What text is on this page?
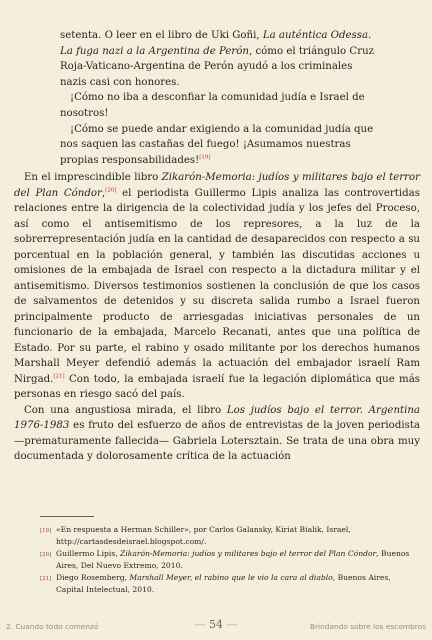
setenta. O leer en el libro de Uki Goñi, La auténtica Odessa.

La fuga nazi a la Argentina de Perón, cómo el triángulo Cruz

Roja-Vaticano-Argentina de Perón ayudó a los criminales

nazis casi con honores.

¡Cómo no iba a desconfiar la comunidad judía e Israel de

nosotros!

¡Cómo se puede andar exigiendo a la comunidad judía que

nos saquen las castañas del fuego! ¡Asumamos nuestras

propias responsabilidades![19]

En el imprescindible libro Zikarón-Memoria: judíos y militares bajo el terror del Plan Cóndor,[20] el periodista Guillermo Lipis analiza las controvertidas relaciones entre la dirigencia de la colectividad judía y los jefes del Proceso, así como el antisemitismo de los represores, a la luz de la sobrerrepresentación judía en la cantidad de desaparecidos con respecto a su porcentual en la población general, y también las discutidas acciones u omisiones de la embajada de Israel con respecto a la dictadura militar y el antisemitismo. Diversos testimonios sostienen la conclusión de que los casos de salvamentos de detenidos y su discreta salida rumbo a Israel fueron principalmente producto de arriesgadas iniciativas personales de un funcionario de la embajada, Marcelo Recanati, antes que una política de Estado. Por su parte, el rabino y osado militante por los derechos humanos Marshall Meyer defendió además la actuación del embajador israelí Ram Nirgad.[21] Con todo, la embajada israelí fue la legación diplomática que más personas en riesgo sacó del país.

Con una angustiosa mirada, el libro Los judíos bajo el terror. Argentina 1976-1983 es fruto del esfuerzo de años de entrevistas de la joven periodista —prematuramente fallecida— Gabriela Lotersztain. Se trata de una obra muy documentada y dolorosamente crítica de la actuación

[19] «En respuesta a Herman Schiller», por Carlos Galansky, Kiriat Bialik, Israel, http://cartasdesdeisrael.blogspot.com/.
[20] Guillermo Lipis, Zikarón-Memoria: judíos y militares bajo el terror del Plan Cóndor, Buenos Aires, Del Nuevo Extremo, 2010.
[21] Diego Rosemberg, Marshall Meyer, el rabino que le vio la cara al diablo, Buenos Aires, Capital Intelectual, 2010.
2. Cuando todo comenzó	— 54 —	Brindando sobre los escombros
